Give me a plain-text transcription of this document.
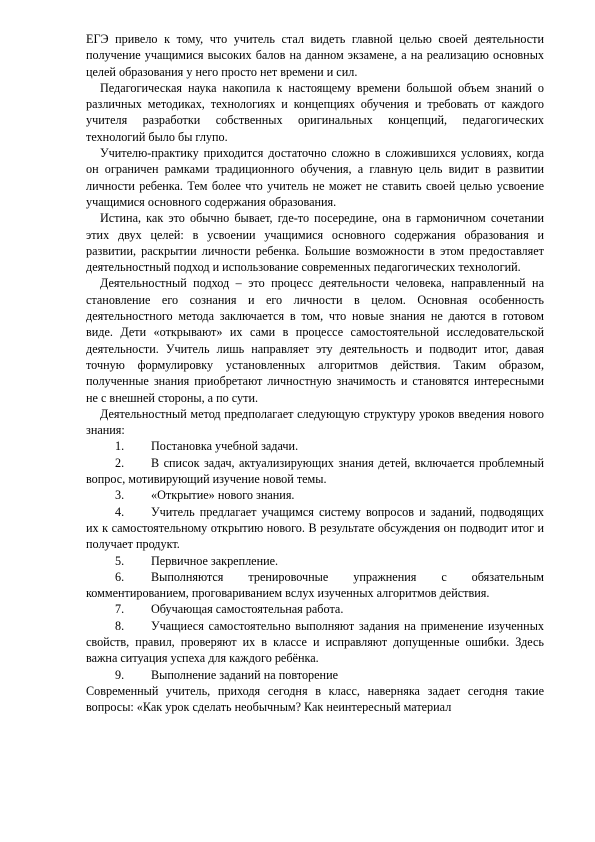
ЕГЭ привело к тому, что учитель стал видеть главной целью своей деятельности получение учащимися высоких балов на данном экзамене, а на реализацию основных целей образования у него просто нет времени и сил.

Педагогическая наука накопила к настоящему времени большой объем знаний о различных методиках, технологиях и концепциях обучения и требовать от каждого учителя разработки собственных оригинальных концепций, педагогических технологий было бы глупо.

Учителю-практику приходится достаточно сложно в сложившихся условиях, когда он ограничен рамками традиционного обучения, а главную цель видит в развитии личности ребенка. Тем более что учитель не может не ставить своей целью усвоение учащимися основного содержания образования.

Истина, как это обычно бывает, где-то посередине, она в гармоничном сочетании этих двух целей: в усвоении учащимися основного содержания образования и развитии, раскрытии личности ребенка. Большие возможности в этом предоставляет деятельностный подход и использование современных педагогических технологий.

Деятельностный подход – это процесс деятельности человека, направленный на становление его сознания и его личности в целом. Основная особенность деятельностного метода заключается в том, что новые знания не даются в готовом виде. Дети «открывают» их сами в процессе самостоятельной исследовательской деятельности. Учитель лишь направляет эту деятельность и подводит итог, давая точную формулировку установленных алгоритмов действия. Таким образом, полученные знания приобретают личностную значимость и становятся интересными не с внешней стороны, а по сути.

Деятельностный метод предполагает следующую структуру уроков введения нового знания:

1. Постановка учебной задачи.

2. В список задач, актуализирующих знания детей, включается проблемный вопрос, мотивирующий изучение новой темы.

3. «Открытие» нового знания.

4. Учитель предлагает учащимся систему вопросов и заданий, подводящих их к самостоятельному открытию нового. В результате обсуждения он подводит итог и получает продукт.

5. Первичное закрепление.

6. Выполняются тренировочные упражнения с обязательным комментированием, проговариванием вслух изученных алгоритмов действия.

7. Обучающая самостоятельная работа.

8. Учащиеся самостоятельно выполняют задания на применение изученных свойств, правил, проверяют их в классе и исправляют допущенные ошибки. Здесь важна ситуация успеха для каждого ребёнка.

9. Выполнение заданий на повторение

Современный учитель, приходя сегодня в класс, наверняка задает сегодня такие вопросы: «Как урок сделать необычным? Как неинтересный материал
